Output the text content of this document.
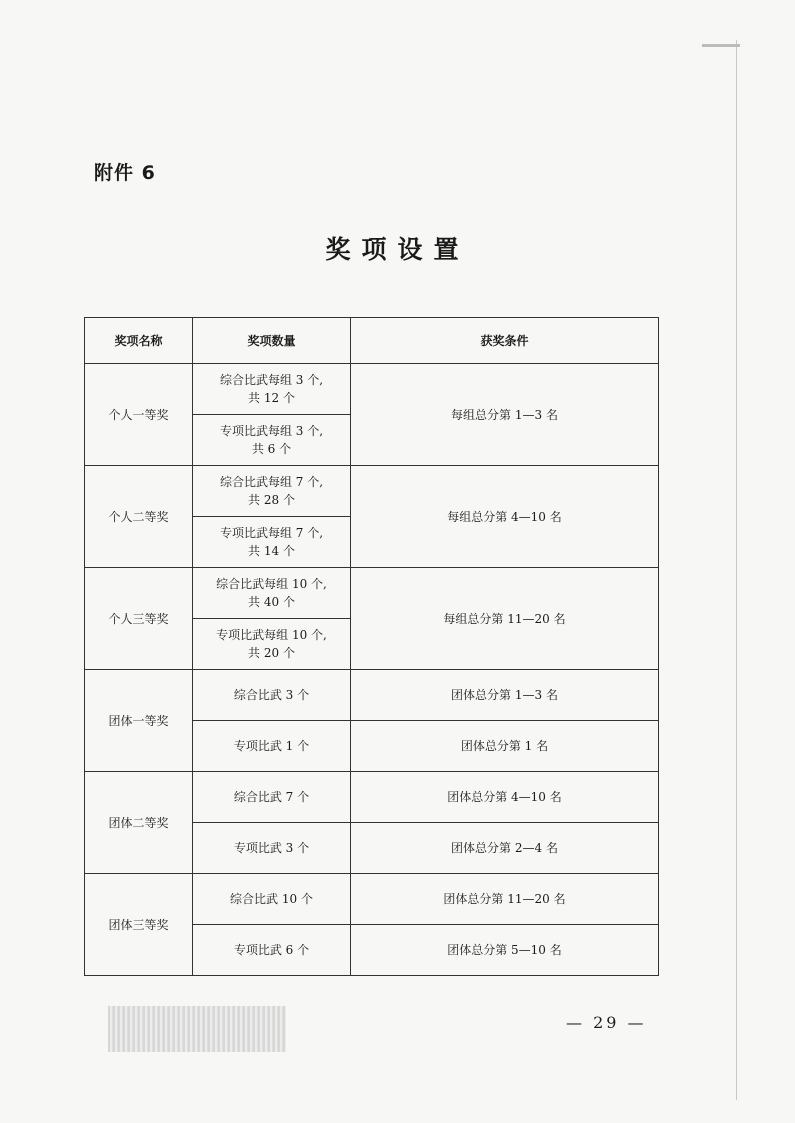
附件 6
奖项设置
奖项名称	奖项数量	获奖条件
个人一等奖	综合比武每组 3 个,
共 12 个	每组总分第 1—3 名

	专项比武每组 3 个,
共 6 个	

个人二等奖	综合比武每组 7 个,
共 28 个	每组总分第 4—10 名

	专项比武每组 7 个,
共 14 个	

个人三等奖	综合比武每组 10 个,
共 40 个	每组总分第 11—20 名

	专项比武每组 10 个,
共 20 个	

团体一等奖	综合比武 3 个	团体总分第 1—3 名
	专项比武 1 个	团体总分第 1 名
团体二等奖	综合比武 7 个	团体总分第 4—10 名
	专项比武 3 个	团体总分第 2—4 名
团体三等奖	综合比武 10 个	团体总分第 11—20 名
	专项比武 6 个	团体总分第 5—10 名
— 29 —
